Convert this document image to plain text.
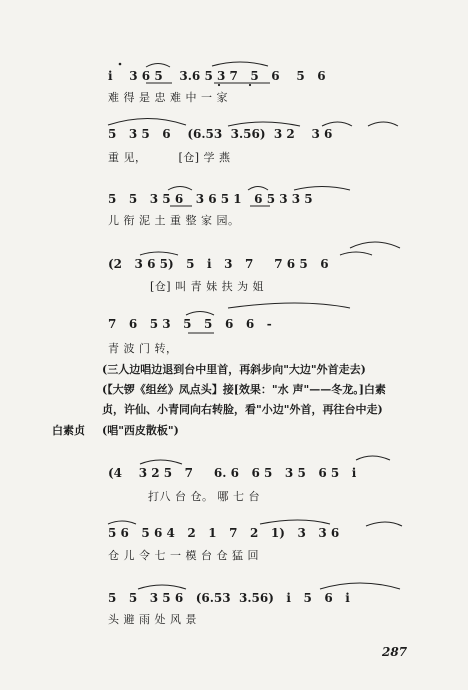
i    3 6 5    3.6 5 3 7   5   6    5   6
难 得 是 忠 难 中 一 家
5   3 5   6    (6.53  3.56)  3 2    3 6
重 见，        [仓] 学 燕
5   5   3 5 6   3 6 5 1   6 5 3 3 5
儿 衔 泥 土 重 整 家 园。
(2   3 6 5)   5   i   3   7     7 6 5   6
[仓] 叫 青 妹 扶 为 姐
7   6   5 3   5   5   6   6   -
青 波 门 转，
(三人边唱边退到台中里首，再斜步向"大边"外首走去)
(【大锣《组丝》凤点头】接[效果："水 声"——冬龙。]白素
贞，许仙、小青同向右转脸，看"小边"外首，再往台中走)
白素贞 (唱"西皮散板")
(4    3 2 5   7     6. 6   6 5   3 5   6 5   i
打八 台 仓。 哪 七 台
5 6   5 6 4   2   1   7   2   1)   3   3 6
仓 儿 令 七 一 模 台 仓 猛 回
5   5   3 5 6   (6.53  3.56)   i   5   6   i
头 避 雨 处 风 景
287
